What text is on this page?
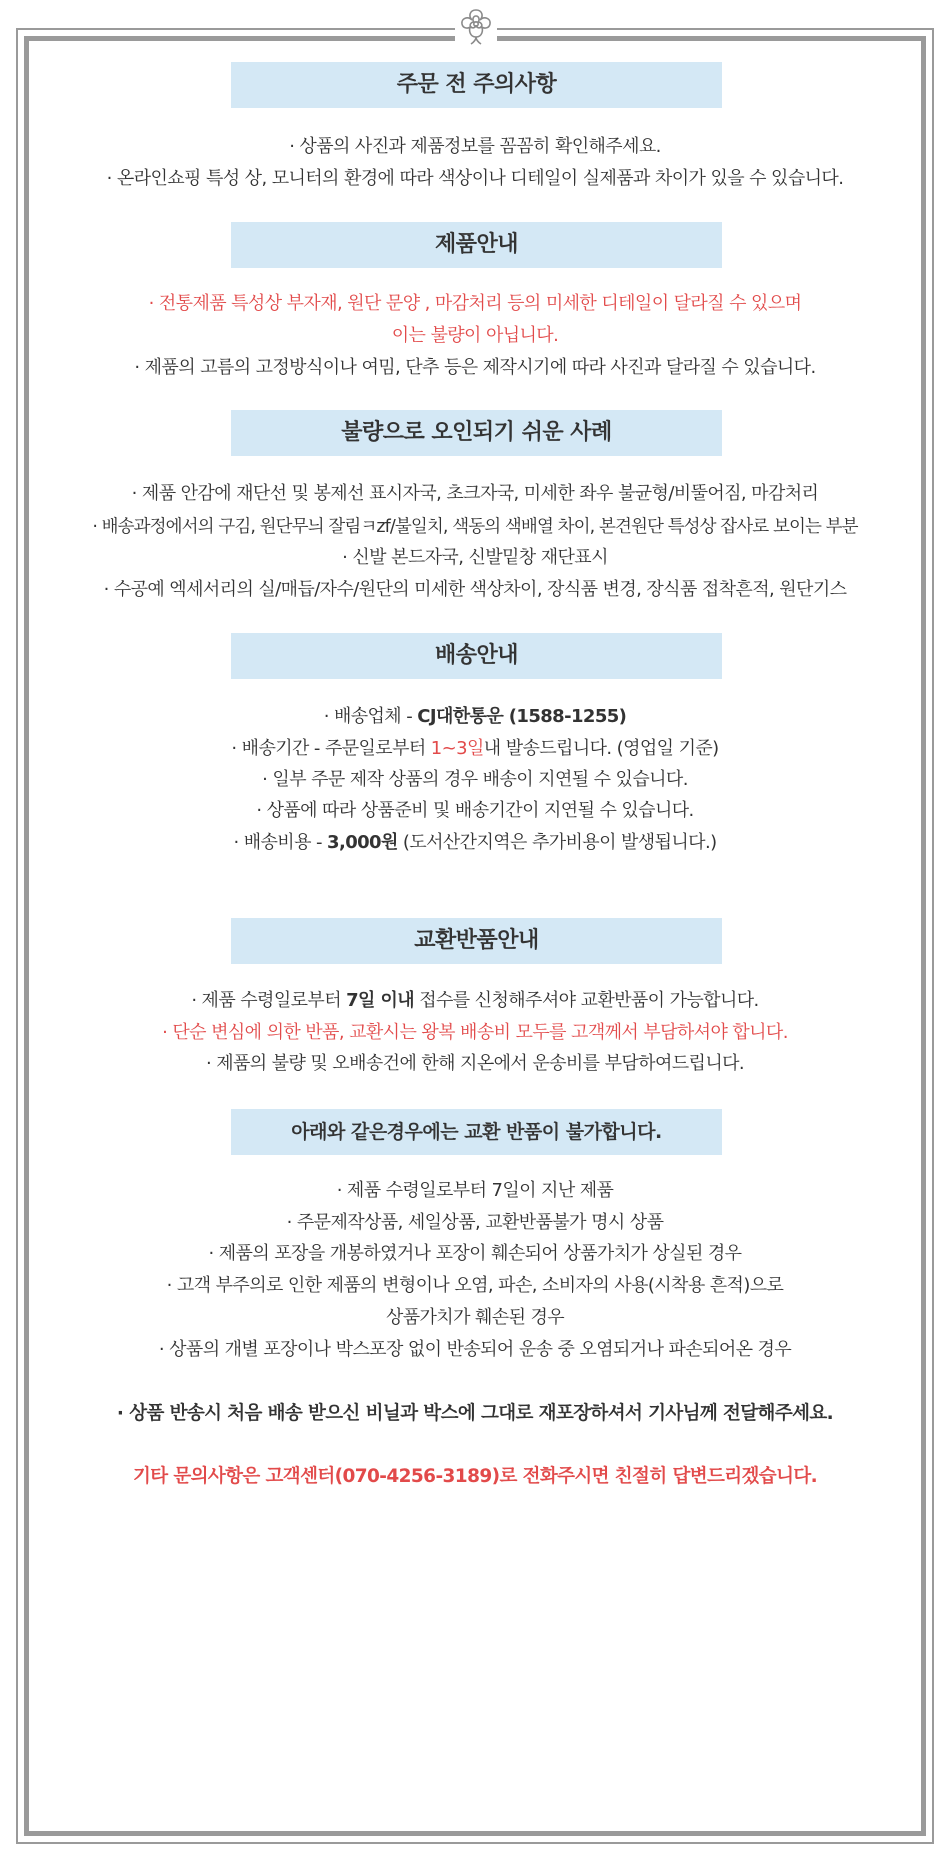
주문 전 주의사항
· 상품의 사진과 제품정보를 꼼꼼히 확인해주세요.
· 온라인쇼핑 특성 상, 모니터의 환경에 따라 색상이나 디테일이 실제품과 차이가 있을 수 있습니다.
제품안내
· 전통제품 특성상 부자재, 원단 문양 , 마감처리 등의 미세한 디테일이 달라질 수 있으며
이는 불량이 아닙니다.
· 제품의 고름의 고정방식이나 여밈, 단추 등은 제작시기에 따라 사진과 달라질 수 있습니다.
불량으로 오인되기 쉬운 사례
· 제품 안감에 재단선 및 봉제선 표시자국, 초크자국, 미세한 좌우 불균형/비뚤어짐, 마감처리
· 배송과정에서의 구김, 원단무늬 잘림ㅋzf/불일치, 색동의 색배열 차이, 본견원단 특성상 잡사로 보이는 부분
· 신발 본드자국, 신발밑창 재단표시
· 수공예 엑세서리의 실/매듭/자수/원단의 미세한 색상차이, 장식품 변경, 장식품 접착흔적, 원단기스
배송안내
· 배송업체 - CJ대한통운 (1588-1255)
· 배송기간 - 주문일로부터 1~3일내 발송드립니다. (영업일 기준)
· 일부 주문 제작 상품의 경우 배송이 지연될 수 있습니다.
· 상품에 따라 상품준비 및 배송기간이 지연될 수 있습니다.
· 배송비용 - 3,000원 (도서산간지역은 추가비용이 발생됩니다.)
교환반품안내
· 제품 수령일로부터 7일 이내 접수를 신청해주셔야 교환반품이 가능합니다.
· 단순 변심에 의한 반품, 교환시는 왕복 배송비 모두를 고객께서 부담하셔야 합니다.
· 제품의 불량 및 오배송건에 한해 지온에서 운송비를 부담하여드립니다.
아래와 같은경우에는 교환 반품이 불가합니다.
· 제품 수령일로부터 7일이 지난 제품
· 주문제작상품, 세일상품, 교환반품불가 명시 상품
· 제품의 포장을 개봉하였거나 포장이 훼손되어 상품가치가 상실된 경우
· 고객 부주의로 인한 제품의 변형이나 오염, 파손, 소비자의 사용(시착용 흔적)으로
상품가치가 훼손된 경우
· 상품의 개별 포장이나 박스포장 없이 반송되어 운송 중 오염되거나 파손되어온 경우
· 상품 반송시 처음 배송 받으신 비닐과 박스에 그대로 재포장하셔서 기사님께 전달해주세요.
기타 문의사항은 고객센터(070-4256-3189)로 전화주시면 친절히 답변드리겠습니다.
